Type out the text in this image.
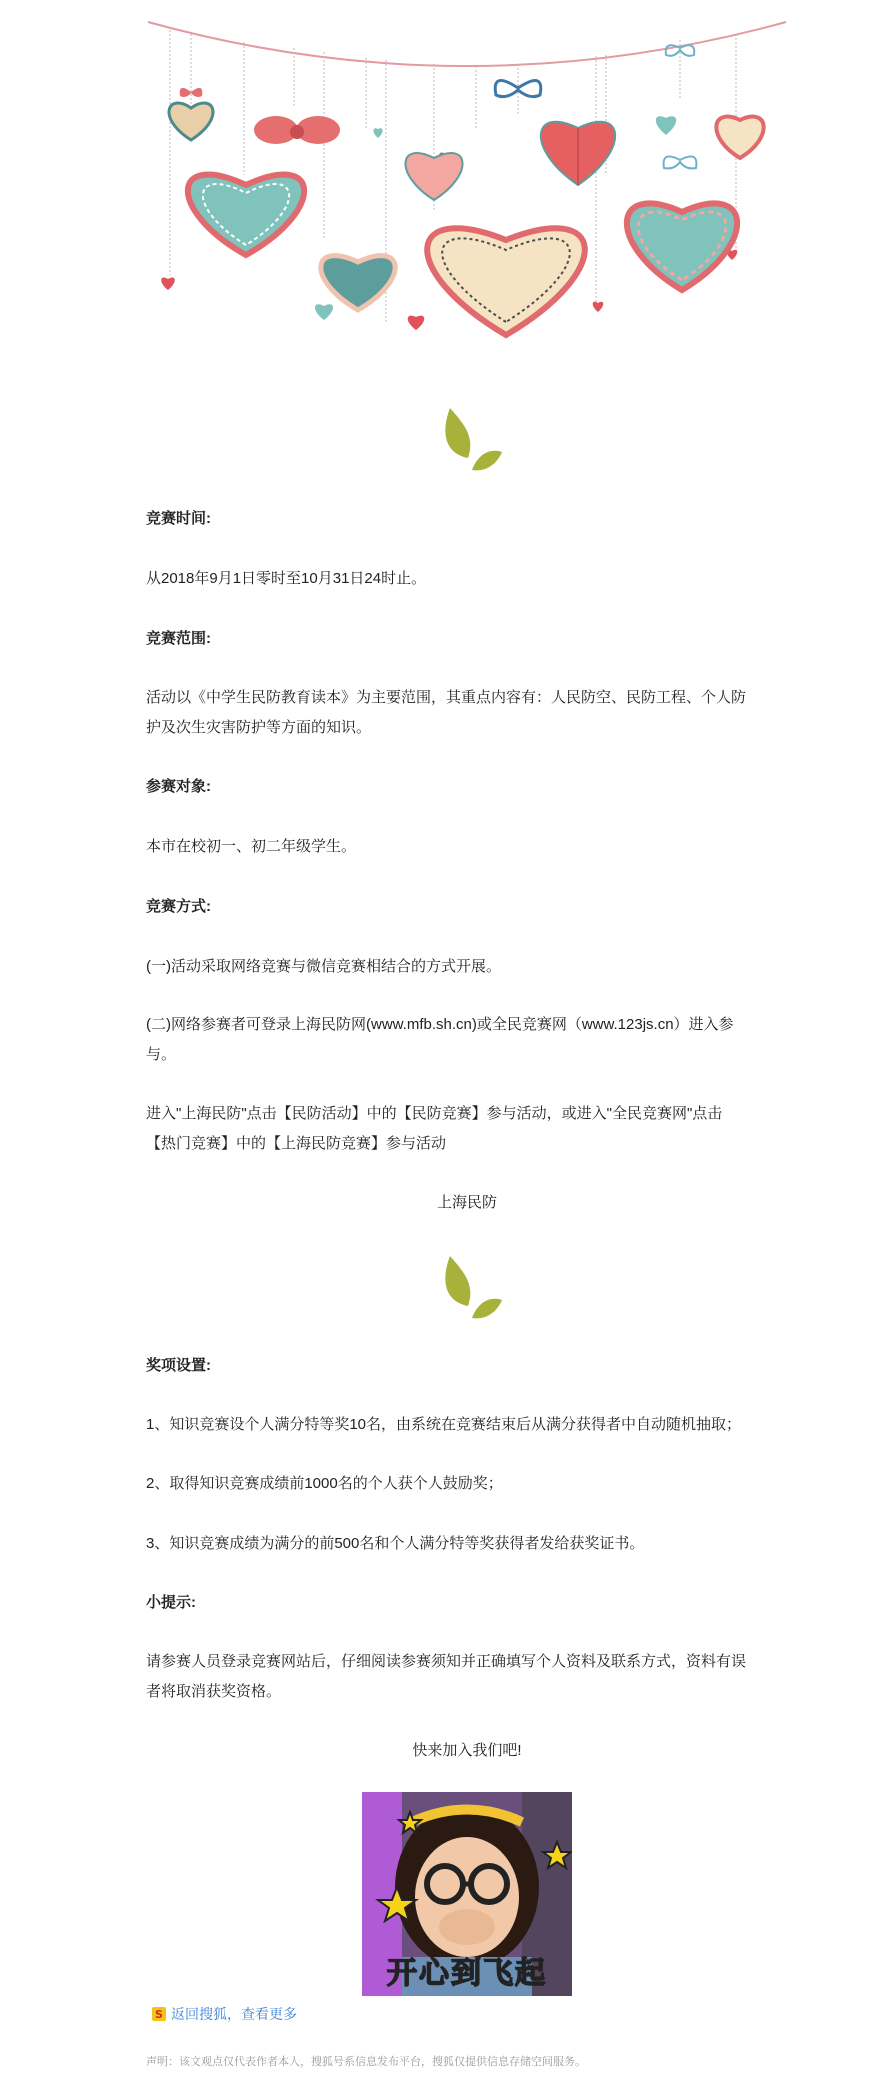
竞赛时间:

从2018年9月1日零时至10月31日24时止。

竞赛范围:

活动以《中学生民防教育读本》为主要范围，其重点内容有：人民防空、民防工程、个人防

护及次生灾害防护等方面的知识。

参赛对象:

本市在校初一、初二年级学生。

竞赛方式:

(一)活动采取网络竞赛与微信竞赛相结合的方式开展。

(二)网络参赛者可登录上海民防网(www.mfb.sh.cn)或全民竞赛网（www.123js.cn）进入参

与。

进入"上海民防"点击【民防活动】中的【民防竞赛】参与活动，或进入"全民竞赛网"点击

【热门竞赛】中的【上海民防竞赛】参与活动

上海民防

奖项设置:

1、知识竞赛设个人满分特等奖10名，由系统在竞赛结束后从满分获得者中自动随机抽取；

2、取得知识竞赛成绩前1000名的个人获个人鼓励奖；

3、知识竞赛成绩为满分的前500名和个人满分特等奖获得者发给获奖证书。

小提示:

请参赛人员登录竞赛网站后，仔细阅读参赛须知并正确填写个人资料及联系方式，资料有误

者将取消获奖资格。

快来加入我们吧!

开心到飞起
S 返回搜狐，查看更多
声明：该文观点仅代表作者本人，搜狐号系信息发布平台，搜狐仅提供信息存储空间服务。
